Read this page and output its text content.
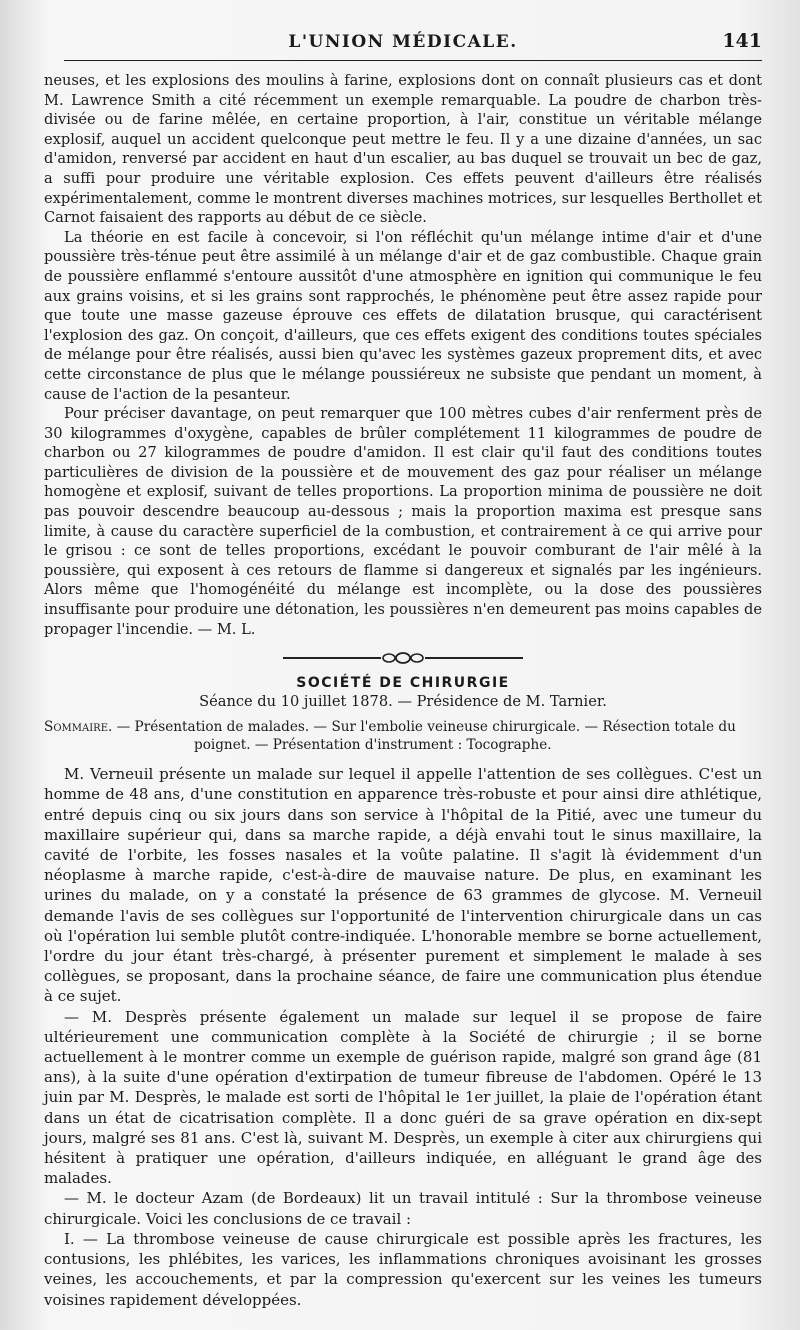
L'UNION MÉDICALE.	141

neuses, et les explosions des moulins à farine, explosions dont on connaît plusieurs cas et dont M. Lawrence Smith a cité récemment un exemple remarquable. La poudre de charbon très-divisée ou de farine mêlée, en certaine proportion, à l'air, constitue un véritable mélange explosif, auquel un accident quelconque peut mettre le feu. Il y a une dizaine d'années, un sac d'amidon, renversé par accident en haut d'un escalier, au bas duquel se trouvait un bec de gaz, a suffi pour produire une véritable explosion. Ces effets peuvent d'ailleurs être réalisés expérimentalement, comme le montrent diverses machines motrices, sur lesquelles Berthollet et Carnot faisaient des rapports au début de ce siècle.

La théorie en est facile à concevoir, si l'on réfléchit qu'un mélange intime d'air et d'une poussière très-ténue peut être assimilé à un mélange d'air et de gaz combustible. Chaque grain de poussière enflammé s'entoure aussitôt d'une atmosphère en ignition qui communique le feu aux grains voisins, et si les grains sont rapprochés, le phénomène peut être assez rapide pour que toute une masse gazeuse éprouve ces effets de dilatation brusque, qui caractérisent l'explosion des gaz. On conçoit, d'ailleurs, que ces effets exigent des conditions toutes spéciales de mélange pour être réalisés, aussi bien qu'avec les systèmes gazeux proprement dits, et avec cette circonstance de plus que le mélange poussiéreux ne subsiste que pendant un moment, à cause de l'action de la pesanteur.

Pour préciser davantage, on peut remarquer que 100 mètres cubes d'air renferment près de 30 kilogrammes d'oxygène, capables de brûler complétement 11 kilogrammes de poudre de charbon ou 27 kilogrammes de poudre d'amidon. Il est clair qu'il faut des conditions toutes particulières de division de la poussière et de mouvement des gaz pour réaliser un mélange homogène et explosif, suivant de telles proportions. La proportion minima de poussière ne doit pas pouvoir descendre beaucoup au-dessous ; mais la proportion maxima est presque sans limite, à cause du caractère superficiel de la combustion, et contrairement à ce qui arrive pour le grisou : ce sont de telles proportions, excédant le pouvoir comburant de l'air mêlé à la poussière, qui exposent à ces retours de flamme si dangereux et signalés par les ingénieurs. Alors même que l'homogénéité du mélange est incomplète, ou la dose des poussières insuffisante pour produire une détonation, les poussières n'en demeurent pas moins capables de propager l'incendie. — M. L.

SOCIÉTÉ DE CHIRURGIE
Séance du 10 juillet 1878. — Présidence de M. Tarnier.
Sommaire. — Présentation de malades. — Sur l'embolie veineuse chirurgicale. — Résection totale du
poignet. — Présentation d'instrument : Tocographe.

M. Verneuil présente un malade sur lequel il appelle l'attention de ses collègues. C'est un homme de 48 ans, d'une constitution en apparence très-robuste et pour ainsi dire athlétique, entré depuis cinq ou six jours dans son service à l'hôpital de la Pitié, avec une tumeur du maxillaire supérieur qui, dans sa marche rapide, a déjà envahi tout le sinus maxillaire, la cavité de l'orbite, les fosses nasales et la voûte palatine. Il s'agit là évidemment d'un néoplasme à marche rapide, c'est-à-dire de mauvaise nature. De plus, en examinant les urines du malade, on y a constaté la présence de 63 grammes de glycose. M. Verneuil demande l'avis de ses collègues sur l'opportunité de l'intervention chirurgicale dans un cas où l'opération lui semble plutôt contre-indiquée. L'honorable membre se borne actuellement, l'ordre du jour étant très-chargé, à présenter purement et simplement le malade à ses collègues, se proposant, dans la prochaine séance, de faire une communication plus étendue à ce sujet.

— M. Desprès présente également un malade sur lequel il se propose de faire ultérieurement une communication complète à la Société de chirurgie ; il se borne actuellement à le montrer comme un exemple de guérison rapide, malgré son grand âge (81 ans), à la suite d'une opération d'extirpation de tumeur fibreuse de l'abdomen. Opéré le 13 juin par M. Desprès, le malade est sorti de l'hôpital le 1er juillet, la plaie de l'opération étant dans un état de cicatrisation complète. Il a donc guéri de sa grave opération en dix-sept jours, malgré ses 81 ans. C'est là, suivant M. Desprès, un exemple à citer aux chirurgiens qui hésitent à pratiquer une opération, d'ailleurs indiquée, en alléguant le grand âge des malades.

— M. le docteur Azam (de Bordeaux) lit un travail intitulé : Sur la thrombose veineuse chirurgicale. Voici les conclusions de ce travail :

I. — La thrombose veineuse de cause chirurgicale est possible après les fractures, les contusions, les phlébites, les varices, les inflammations chroniques avoisinant les grosses veines, les accouchements, et par la compression qu'exercent sur les veines les tumeurs voisines rapidement développées.
